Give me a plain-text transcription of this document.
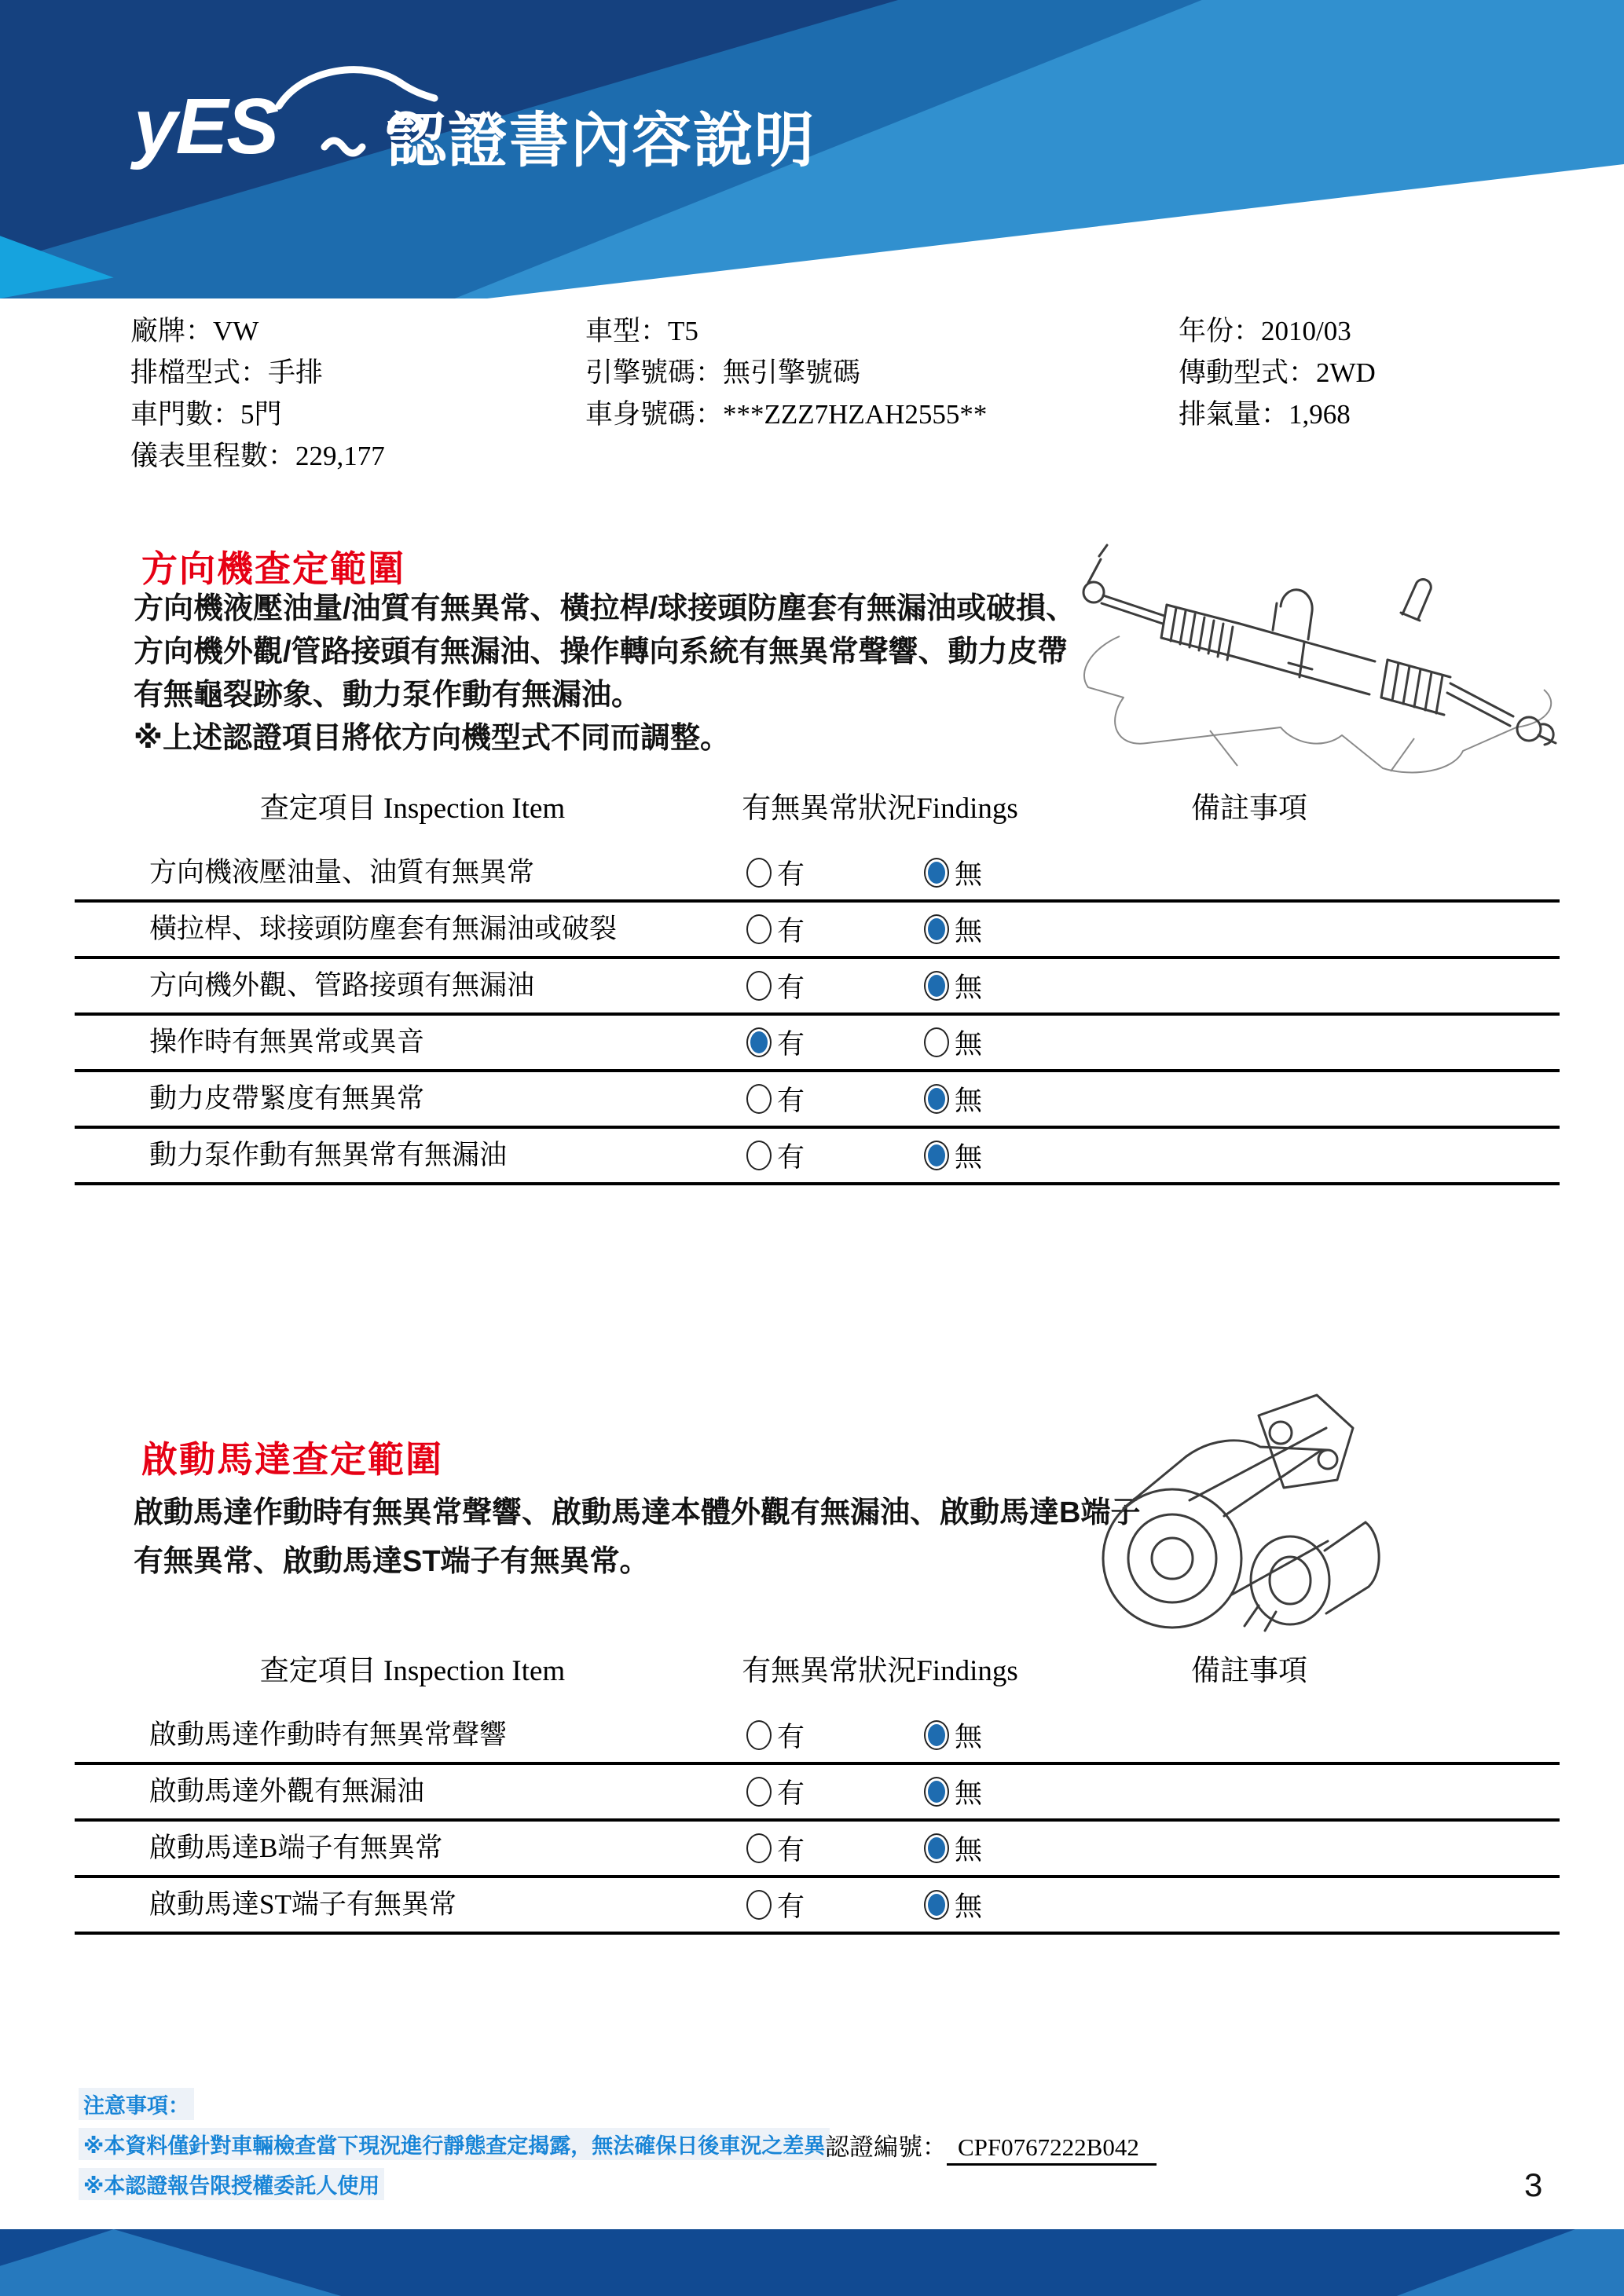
yES 認證書內容說明
廠牌：VW
排檔型式：手排
車門數：5門
儀表里程數：229,177
車型：T5
引擎號碼：無引擎號碼
車身號碼：***ZZZ7HZAH2555**
年份：2010/03
傳動型式：2WD
排氣量：1,968
方向機查定範圍
方向機液壓油量/油質有無異常、橫拉桿/球接頭防塵套有無漏油或破損、
方向機外觀/管路接頭有無漏油、操作轉向系統有無異常聲響、動力皮帶
有無龜裂跡象、動力泵作動有無漏油。
※上述認證項目將依方向機型式不同而調整。
查定項目 Inspection Item	有無異常狀況Findings	備註事項
方向機液壓油量、油質有無異常	有	無
橫拉桿、球接頭防塵套有無漏油或破裂	有	無
方向機外觀、管路接頭有無漏油	有	無
操作時有無異常或異音	有	無
動力皮帶緊度有無異常	有	無
動力泵作動有無異常有無漏油	有	無
啟動馬達查定範圍
啟動馬達作動時有無異常聲響、啟動馬達本體外觀有無漏油、啟動馬達B端子
有無異常、啟動馬達ST端子有無異常。
查定項目 Inspection Item	有無異常狀況Findings	備註事項
啟動馬達作動時有無異常聲響	有	無
啟動馬達外觀有無漏油	有	無
啟動馬達B端子有無異常	有	無
啟動馬達ST端子有無異常	有	無
注意事項：
※本資料僅針對車輛檢查當下現況進行靜態查定揭露，無法確保日後車況之差異
※本認證報告限授權委託人使用
認證編號： CPF0767222B042
3
